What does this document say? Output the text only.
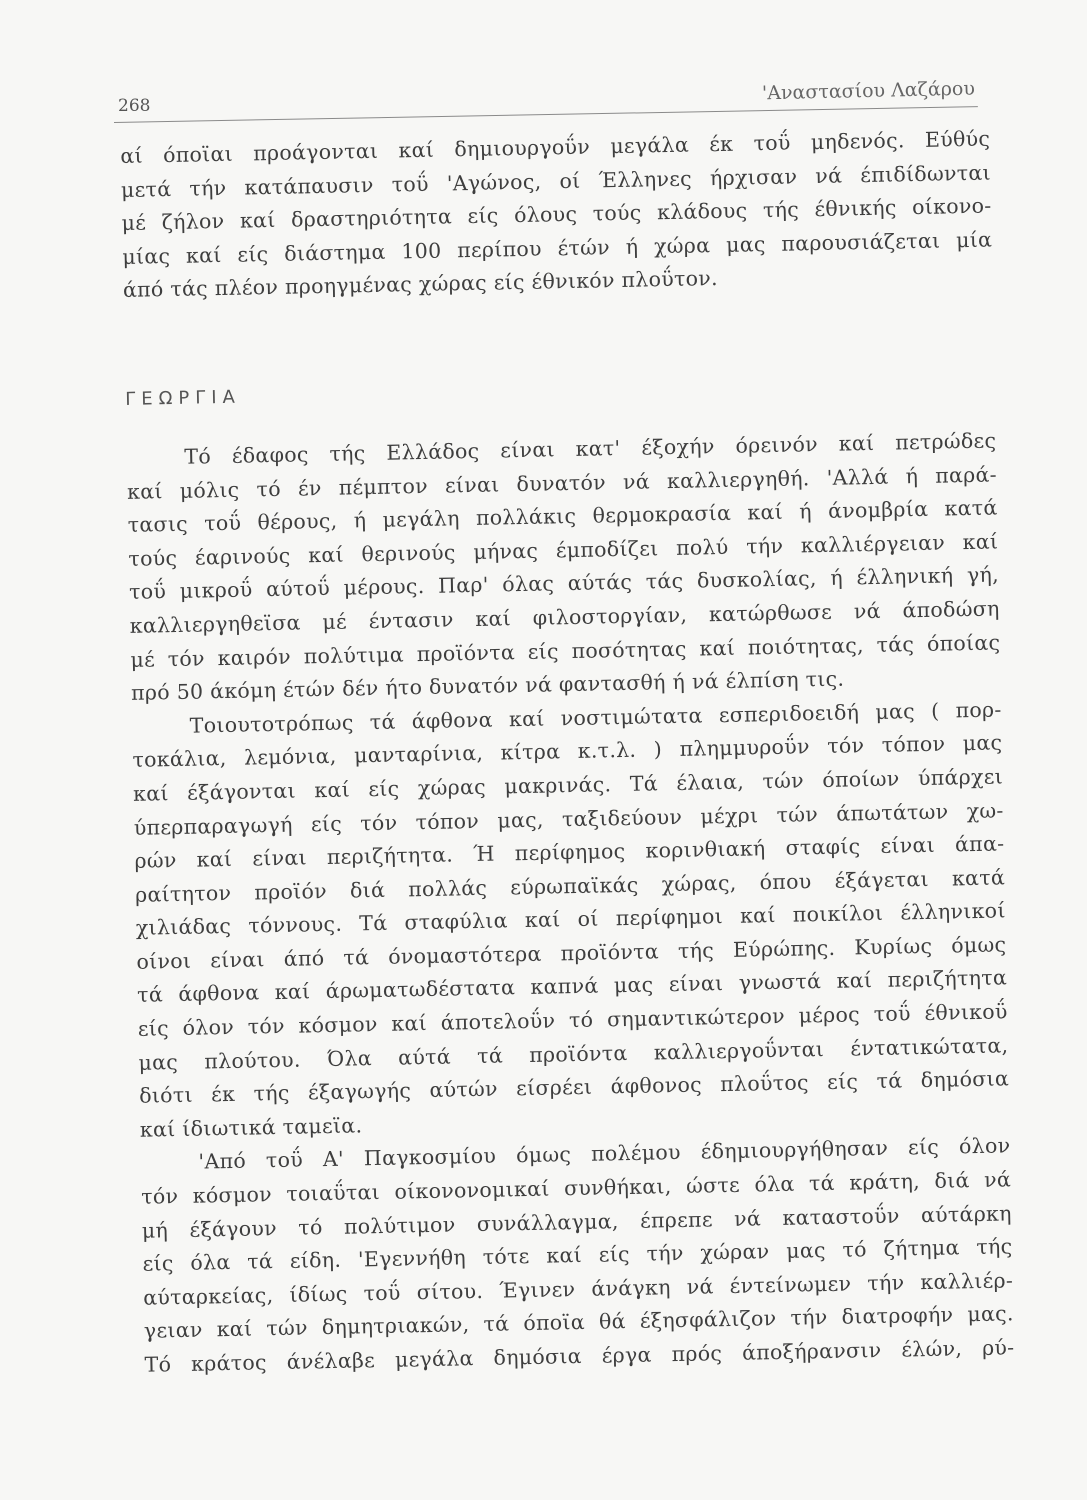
268
'Αναστασίου Λαζάρου
αί όποϊαι προάγονται καί δημιουργοΰν μεγάλα έκ τοΰ μηδενός. Εύθύς
μετά τήν κατάπαυσιν τοΰ 'Αγώνος, οί Έλληνες ήρχισαν νά έπιδίδωνται
μέ ζήλον καί δραστηριότητα είς όλους τούς κλάδους τής έθνικής οίκονο-
μίας καί είς διάστημα 100 περίπου έτών ή χώρα μας παρουσιάζεται μία
άπό τάς πλέον προηγμένας χώρας είς έθνικόν πλοΰτον.
ΓΕΩΡΓΙΑ
Τό έδαφος τής Ελλάδος είναι κατ' έξοχήν όρεινόν καί πετρώδες
καί μόλις τό έν πέμπτον είναι δυνατόν νά καλλιεργηθή. 'Αλλά ή παρά-
τασις τοΰ θέρους, ή μεγάλη πολλάκις θερμοκρασία καί ή άνομβρία κατά
τούς έαρινούς καί θερινούς μήνας έμποδίζει πολύ τήν καλλιέργειαν καί
τοΰ μικροΰ αύτοΰ μέρους. Παρ' όλας αύτάς τάς δυσκολίας, ή έλληνική γή,
καλλιεργηθεϊσα μέ έντασιν καί φιλοστοργίαν, κατώρθωσε νά άποδώση
μέ τόν καιρόν πολύτιμα προϊόντα είς ποσότητας καί ποιότητας, τάς όποίας
πρό 50 άκόμη έτών δέν ήτο δυνατόν νά φαντασθή ή νά έλπίση τις.
Τοιουτοτρόπως τά άφθονα καί νοστιμώτατα εσπεριδοειδή μας ( πορ-
τοκάλια, λεμόνια, μανταρίνια, κίτρα κ.τ.λ. ) πλημμυροΰν τόν τόπον μας
καί έξάγονται καί είς χώρας μακρινάς. Τά έλαια, τών όποίων ύπάρχει
ύπερπαραγωγή είς τόν τόπον μας, ταξιδεύουν μέχρι τών άπωτάτων χω-
ρών καί είναι περιζήτητα. Ή περίφημος κορινθιακή σταφίς είναι άπα-
ραίτητον προϊόν διά πολλάς εύρωπαϊκάς χώρας, όπου έξάγεται κατά
χιλιάδας τόννους. Τά σταφύλια καί οί περίφημοι καί ποικίλοι έλληνικοί
οίνοι είναι άπό τά όνομαστότερα προϊόντα τής Εύρώπης. Κυρίως όμως
τά άφθονα καί άρωματωδέστατα καπνά μας είναι γνωστά καί περιζήτητα
είς όλον τόν κόσμον καί άποτελοΰν τό σημαντικώτερον μέρος τοΰ έθνικοΰ
μας πλούτου. Όλα αύτά τά προϊόντα καλλιεργοΰνται έντατικώτατα,
διότι έκ τής έξαγωγής αύτών είσρέει άφθονος πλοΰτος είς τά δημόσια
καί ίδιωτικά ταμεϊα.
'Από τοΰ Α' Παγκοσμίου όμως πολέμου έδημιουργήθησαν είς όλον
τόν κόσμον τοιαΰται οίκονονομικαί συνθήκαι, ώστε όλα τά κράτη, διά νά
μή έξάγουν τό πολύτιμον συνάλλαγμα, έπρεπε νά καταστοΰν αύτάρκη
είς όλα τά είδη. 'Εγεννήθη τότε καί είς τήν χώραν μας τό ζήτημα τής
αύταρκείας, ίδίως τοΰ σίτου. Έγινεν άνάγκη νά έντείνωμεν τήν καλλιέρ-
γειαν καί τών δημητριακών, τά όποϊα θά έξησφάλιζον τήν διατροφήν μας.
Τό κράτος άνέλαβε μεγάλα δημόσια έργα πρός άποξήρανσιν έλών, ρύ-
